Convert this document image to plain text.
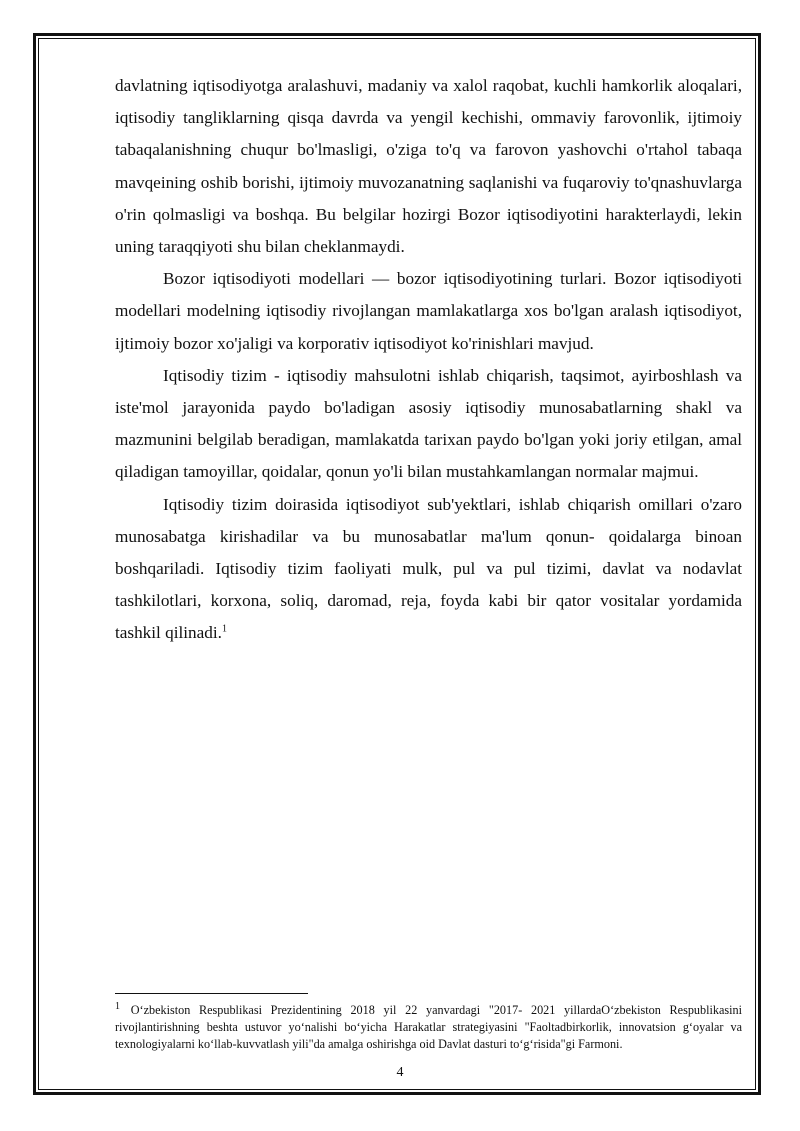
davlatning iqtisodiyotga aralashuvi, madaniy va xalol raqobat, kuchli hamkorlik aloqalari, iqtisodiy tangliklarning qisqa davrda va yengil kechishi, ommaviy farovonlik, ijtimoiy tabaqalanishning chuqur bo'lmasligi, o'ziga to'q va farovon yashovchi o'rtahol tabaqa mavqeining oshib borishi, ijtimoiy muvozanatning saqlanishi va fuqaroviy to'qnashuvlarga o'rin qolmasligi va boshqa. Bu belgilar hozirgi Bozor iqtisodiyotini harakterlaydi, lekin uning taraqqiyoti shu bilan cheklanmaydi.

Bozor iqtisodiyoti modellari — bozor iqtisodiyotining turlari. Bozor iqtisodiyoti modellari modelning iqtisodiy rivojlangan mamlakatlarga xos bo'lgan aralash iqtisodiyot, ijtimoiy bozor xo'jaligi va korporativ iqtisodiyot ko'rinishlari mavjud.

Iqtisodiy tizim - iqtisodiy mahsulotni ishlab chiqarish, taqsimot, ayirboshlash va iste'mol jarayonida paydo bo'ladigan asosiy iqtisodiy munosabatlarning shakl va mazmunini belgilab beradigan, mamlakatda tarixan paydo bo'lgan yoki joriy etilgan, amal qiladigan tamoyillar, qoidalar, qonun yo'li bilan mustahkamlangan normalar majmui.

Iqtisodiy tizim doirasida iqtisodiyot sub'yektlari, ishlab chiqarish omillari o'zaro munosabatga kirishadilar va bu munosabatlar ma'lum qonun- qoidalarga binoan boshqariladi. Iqtisodiy tizim faoliyati mulk, pul va pul tizimi, davlat va nodavlat tashkilotlari, korxona, soliq, daromad, reja, foyda kabi bir qator vositalar yordamida tashkil qilinadi.$^1$

$^1$ O‘zbekiston Respublikasi Prezidentining 2018 yil 22 yanvardagi "2017- 2021 yillardaO‘zbekiston Respublikasini rivojlantirishning beshta ustuvor yo‘nalishi bo‘yicha Harakatlar strategiyasini "Faoltadbirkorlik, innovatsion g‘oyalar va texnologiyalarni ko‘llab-kuvvatlash yili"da amalga oshirishga oid Davlat dasturi to‘g‘risida"gi Farmoni.
4
